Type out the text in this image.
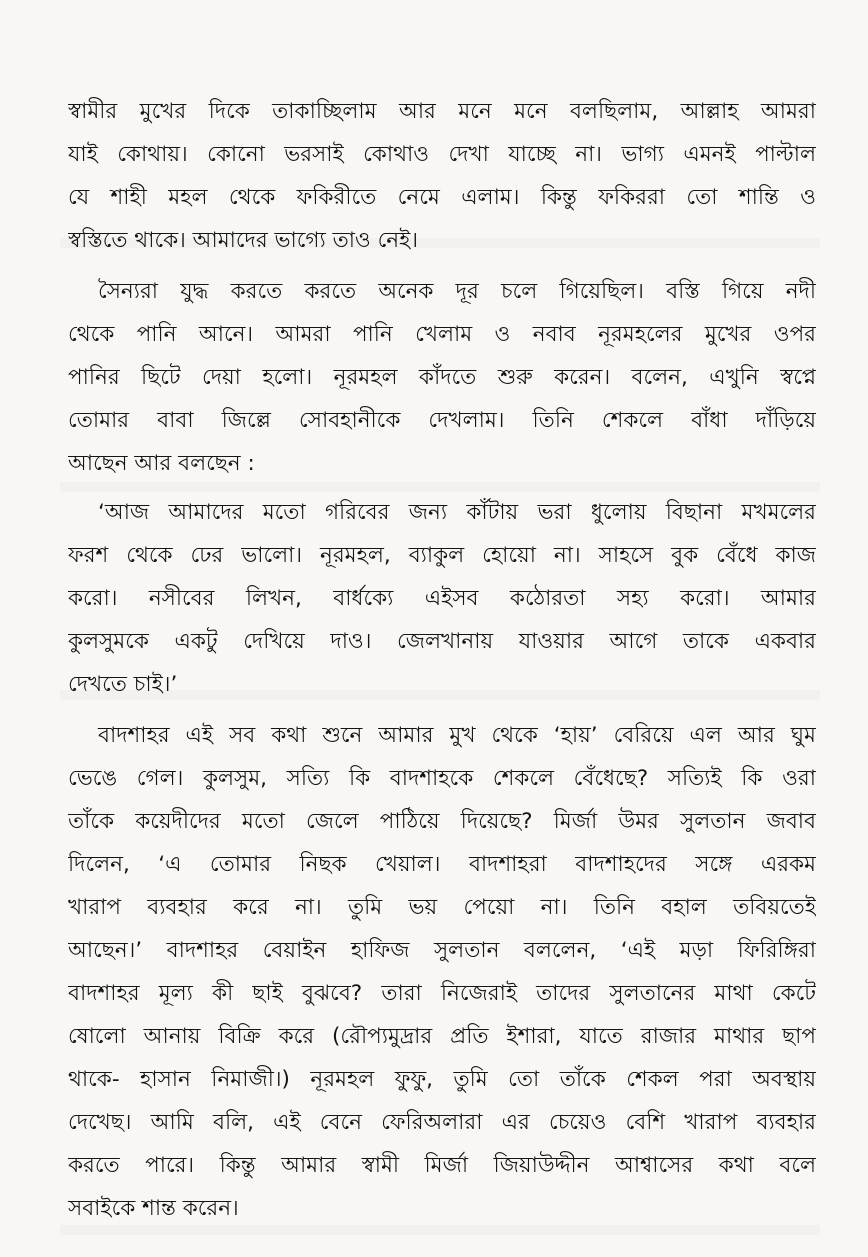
স্বামীর মুখের দিকে তাকাচ্ছিলাম আর মনে মনে বলছিলাম, আল্লাহ আমরা
যাই কোথায়। কোনো ভরসাই কোথাও দেখা যাচ্ছে না। ভাগ্য এমনই পাল্টাল
যে শাহী মহল থেকে ফকিরীতে নেমে এলাম। কিন্তু ফকিররা তো শান্তি ও
স্বস্তিতে থাকে। আমাদের ভাগ্যে তাও নেই।
সৈন্যরা যুদ্ধ করতে করতে অনেক দূর চলে গিয়েছিল। বস্তি গিয়ে নদী
থেকে পানি আনে। আমরা পানি খেলাম ও নবাব নূরমহলের মুখের ওপর
পানির ছিটে দেয়া হলো। নূরমহল কাঁদতে শুরু করেন। বলেন, এখুনি স্বপ্নে
তোমার বাবা জিল্লে সোবহানীকে দেখলাম। তিনি শেকলে বাঁধা দাঁড়িয়ে
আছেন আর বলছেন :
‘আজ আমাদের মতো গরিবের জন্য কাঁটায় ভরা ধুলোয় বিছানা মখমলের
ফরশ থেকে ঢের ভালো। নূরমহল, ব্যাকুল হোয়ো না। সাহসে বুক বেঁধে কাজ
করো। নসীবের লিখন, বার্ধক্যে এইসব কঠোরতা সহ্য করো। আমার
কুলসুমকে একটু দেখিয়ে দাও। জেলখানায় যাওয়ার আগে তাকে একবার
দেখতে চাই।’
বাদশাহর এই সব কথা শুনে আমার মুখ থেকে ‘হায়’ বেরিয়ে এল আর ঘুম
ভেঙে গেল। কুলসুম, সত্যি কি বাদশাহকে শেকলে বেঁধেছে? সত্যিই কি ওরা
তাঁকে কয়েদীদের মতো জেলে পাঠিয়ে দিয়েছে? মির্জা উমর সুলতান জবাব
দিলেন, ‘এ তোমার নিছক খেয়াল। বাদশাহরা বাদশাহদের সঙ্গে এরকম
খারাপ ব্যবহার করে না। তুমি ভয় পেয়ো না। তিনি বহাল তবিয়তেই
আছেন।’ বাদশাহর বেয়াইন হাফিজ সুলতান বললেন, ‘এই মড়া ফিরিঙ্গিরা
বাদশাহর মূল্য কী ছাই বুঝবে? তারা নিজেরাই তাদের সুলতানের মাথা কেটে
ষোলো আনায় বিক্রি করে (রৌপ্যমুদ্রার প্রতি ইশারা, যাতে রাজার মাথার ছাপ
থাকে- হাসান নিমাজী।) নূরমহল ফুফু, তুমি তো তাঁকে শেকল পরা অবস্থায়
দেখেছ। আমি বলি, এই বেনে ফেরিঅলারা এর চেয়েও বেশি খারাপ ব্যবহার
করতে পারে। কিন্তু আমার স্বামী মির্জা জিয়াউদ্দীন আশ্বাসের কথা বলে
সবাইকে শান্ত করেন।
